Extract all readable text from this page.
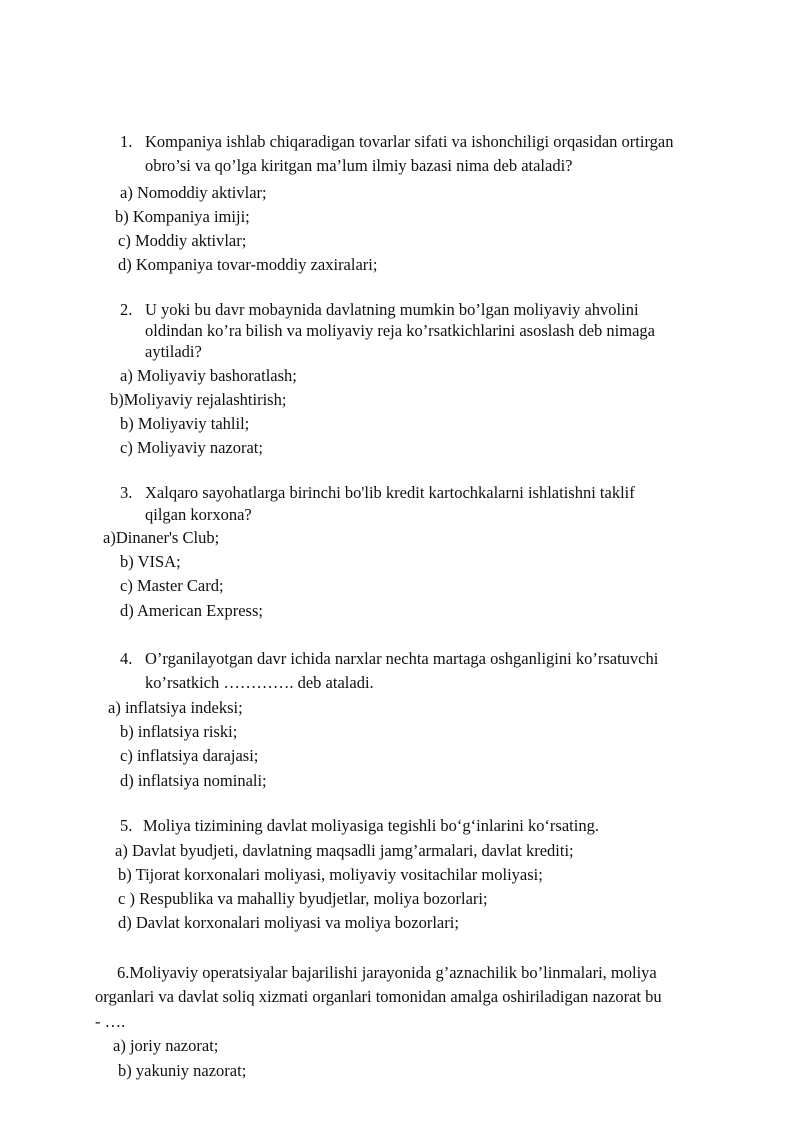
1. Kompaniya ishlab chiqaradigan tovarlar sifati va ishonchiligi orqasidan ortirgan
obro’si va qo’lga kiritgan ma’lum ilmiy bazasi nima deb ataladi?
a) Nomoddiy aktivlar;
b) Kompaniya imiji;
c) Moddiy aktivlar;
d) Kompaniya tovar-moddiy zaxiralari;
2. U yoki bu davr mobaynida davlatning mumkin bo’lgan moliyaviy ahvolini
oldindan ko’ra bilish va moliyaviy reja ko’rsatkichlarini asoslash deb nimaga
aytiladi?
a) Moliyaviy bashoratlash;
b)Moliyaviy rejalashtirish;
b) Moliyaviy tahlil;
c) Moliyaviy nazorat;
3. Xalqaro sayohatlarga birinchi bo'lib kredit kartochkalarni ishlatishni taklif
qilgan korxona?
a)Dinaner's Club;
b) VISA;
c) Master Card;
d) American Express;
4. O’rganilayotgan davr ichida narxlar nechta martaga oshganligini ko’rsatuvchi
ko’rsatkich …………. deb ataladi.
a) inflatsiya indeksi;
b) inflatsiya riski;
c) inflatsiya darajasi;
d) inflatsiya nominali;
5. Moliya tizimining davlat moliyasiga tegishli bo‘g‘inlarini ko‘rsating.
a) Davlat byudjeti, davlatning maqsadli jamg’armalari, davlat krediti;
b) Tijorat korxonalari moliyasi, moliyaviy vositachilar moliyasi;
c ) Respublika va mahalliy byudjetlar, moliya bozorlari;
d) Davlat korxonalari moliyasi va moliya bozorlari;
6.Moliyaviy operatsiyalar bajarilishi jarayonida g’aznachilik bo’linmalari, moliya
organlari va davlat soliq xizmati organlari tomonidan amalga oshiriladigan nazorat bu
- ….
a) joriy nazorat;
b) yakuniy nazorat;
